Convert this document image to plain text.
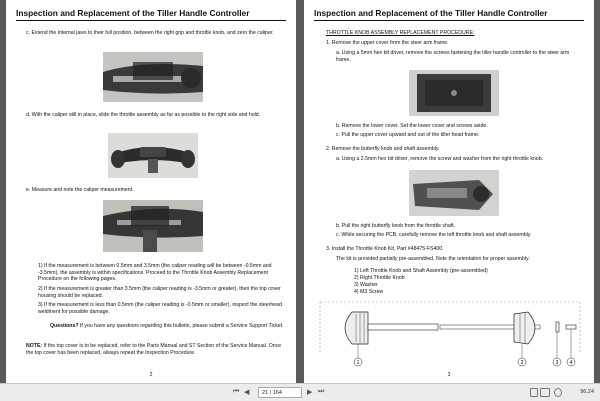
Inspection and Replacement of the Tiller Handle Controller
c. Extend the internal jaws to their full position, between the right grip and throttle knob, and zero the caliper.
d. With the caliper still in place, slide the throttle assembly as far as possible to the right side and hold.
e. Measure and note the caliper measurement.
1) If the measurement is between 0.5mm and 3.5mm (the caliper reading will be between -0.5mm and -3.5mm), the assembly is within specifications. Proceed to the Throttle Knob Assembly Replacement Procedure on the following pages.
2) If the measurement is greater than 3.5mm (the caliper reading is -3.5mm or greater), then the top cover housing should be replaced.
3) If the measurement is less than 0.5mm (the caliper reading is -0.5mm or smaller), inspect the steerhead weldment for possible damage.
Questions? If you have any questions regarding this bulletin, please submit a Service Support Ticket.
NOTE: If the top cover is to be replaced, refer to the Parts Manual and ST Section of the Service Manual. Once the top cover has been replaced, always repeat the Inspection Procedure.
2
Inspection and Replacement of the Tiller Handle Controller
THROTTLE KNOB ASSEMBLY REPLACEMENT PROCEDURE:
1. Remove the upper cover from the steer arm frame.
a. Using a 5mm hex bit driver, remove the screws fastening the tiller handle controller to the steer arm frame.
b. Remove the lower cover. Set the lower cover and screws aside.
c. Pull the upper cover upward and out of the tiller head frame.
2. Remove the butterfly knob and shaft assembly.
a. Using a 2.5mm hex bit driver, remove the screw and washer from the right throttle knob.
b. Pull the right butterfly knob from the throttle shaft.
c. While securing the PCB, carefully remove the left throttle knob and shaft assembly.
3. Install the Throttle Knob Kit, Part #48475-FS400.
The kit is provided partially pre-assembled. Note the orientation for proper assembly.
1) Left Throttle Knob and Shaft Assembly (pre-assembled)
2) Right Throttle Knob
3) Washer
4) M3 Screw
1	2	3 4
3
⏮ ◀
21 / 164	▶ ⏭	96.24
